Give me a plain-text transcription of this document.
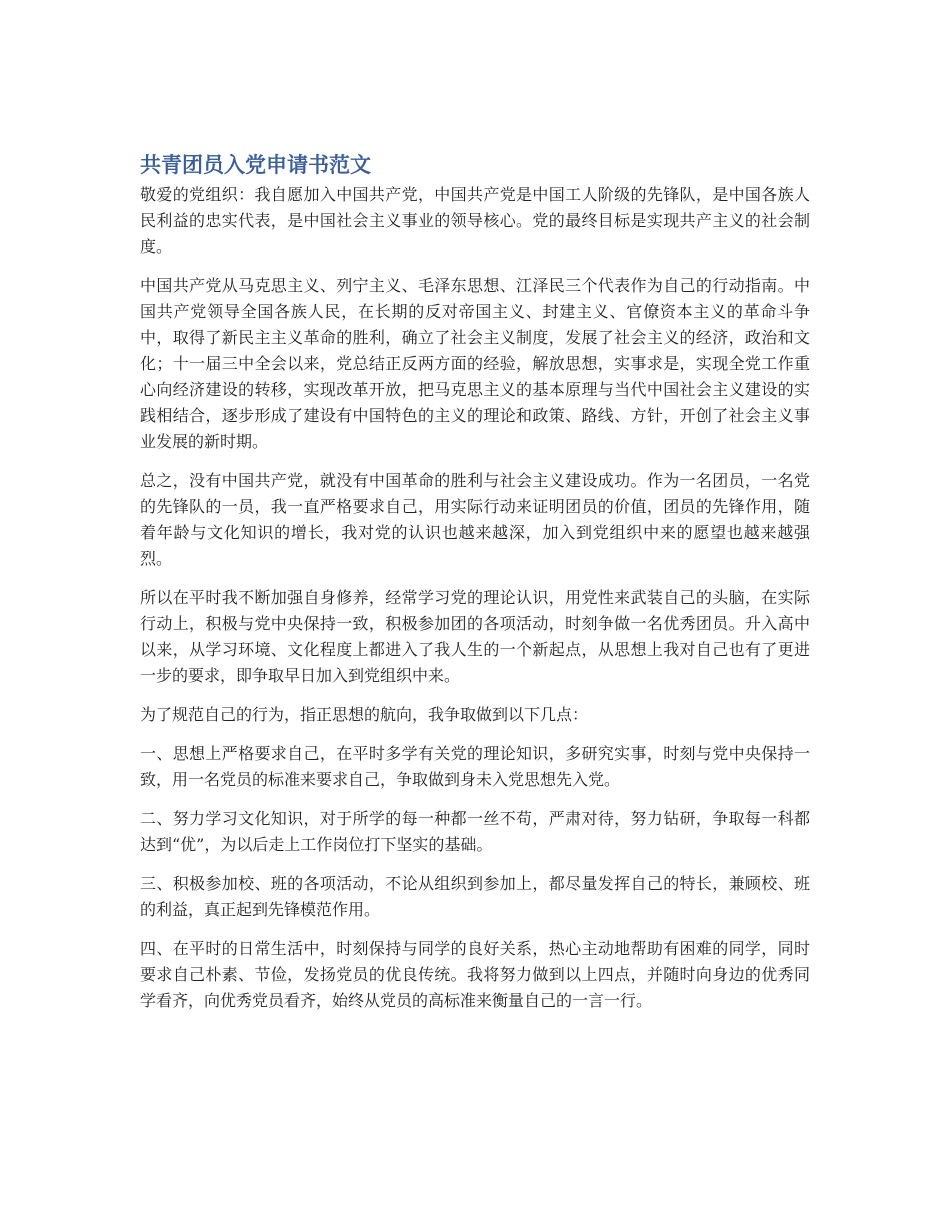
共青团员入党申请书范文

敬爱的党组织：我自愿加入中国共产党，中国共产党是中国工人阶级的先锋队，是中国各族人民利益的忠实代表，是中国社会主义事业的领导核心。党的最终目标是实现共产主义的社会制度。

中国共产党从马克思主义、列宁主义、毛泽东思想、江泽民三个代表作为自己的行动指南。中国共产党领导全国各族人民，在长期的反对帝国主义、封建主义、官僚资本主义的革命斗争中，取得了新民主主义革命的胜利，确立了社会主义制度，发展了社会主义的经济，政治和文化；十一届三中全会以来，党总结正反两方面的经验，解放思想，实事求是，实现全党工作重心向经济建设的转移，实现改革开放，把马克思主义的基本原理与当代中国社会主义建设的实践相结合，逐步形成了建设有中国特色的主义的理论和政策、路线、方针，开创了社会主义事业发展的新时期。

总之，没有中国共产党，就没有中国革命的胜利与社会主义建设成功。作为一名团员，一名党的先锋队的一员，我一直严格要求自己，用实际行动来证明团员的价值，团员的先锋作用，随着年龄与文化知识的增长，我对党的认识也越来越深，加入到党组织中来的愿望也越来越强烈。

所以在平时我不断加强自身修养，经常学习党的理论认识，用党性来武装自己的头脑，在实际行动上，积极与党中央保持一致，积极参加团的各项活动，时刻争做一名优秀团员。升入高中以来，从学习环境、文化程度上都进入了我人生的一个新起点，从思想上我对自己也有了更进一步的要求，即争取早日加入到党组织中来。

为了规范自己的行为，指正思想的航向，我争取做到以下几点：

一、思想上严格要求自己，在平时多学有关党的理论知识，多研究实事，时刻与党中央保持一致，用一名党员的标准来要求自己，争取做到身未入党思想先入党。

二、努力学习文化知识，对于所学的每一种都一丝不苟，严肃对待，努力钻研，争取每一科都达到“优”，为以后走上工作岗位打下坚实的基础。

三、积极参加校、班的各项活动，不论从组织到参加上，都尽量发挥自己的特长，兼顾校、班的利益，真正起到先锋模范作用。

四、在平时的日常生活中，时刻保持与同学的良好关系，热心主动地帮助有困难的同学，同时要求自己朴素、节俭，发扬党员的优良传统。我将努力做到以上四点，并随时向身边的优秀同学看齐，向优秀党员看齐，始终从党员的高标准来衡量自己的一言一行。
